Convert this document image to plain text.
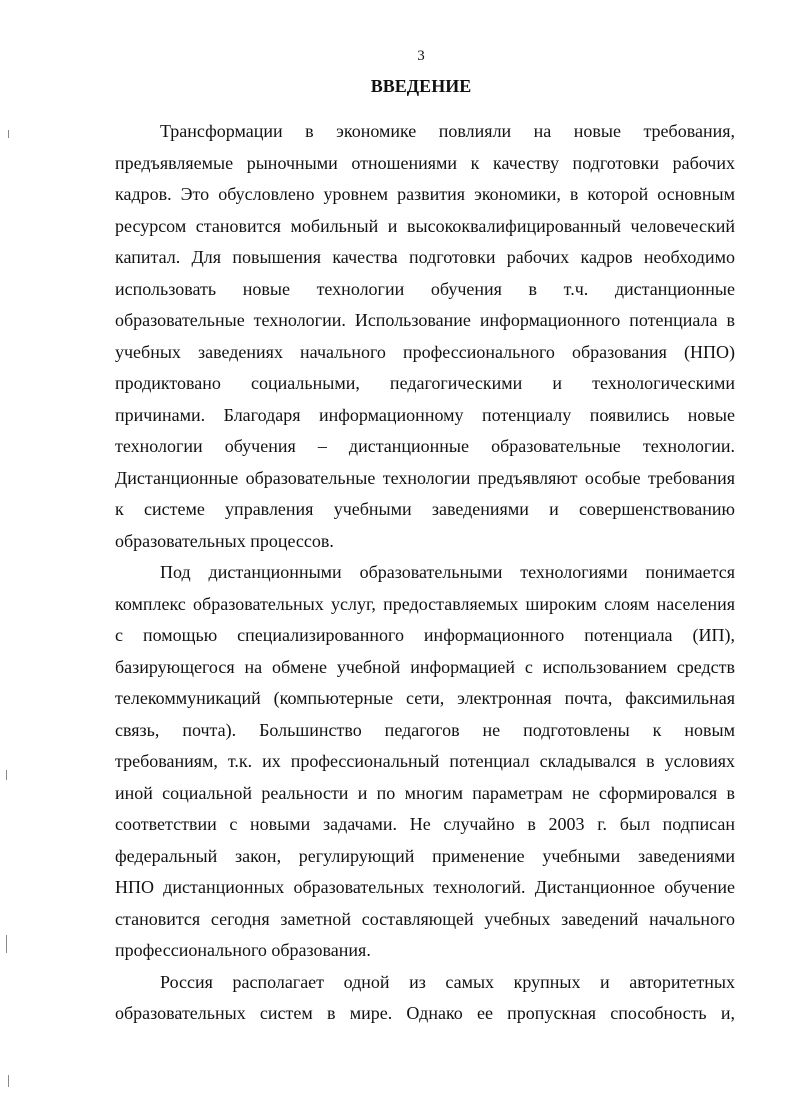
3
ВВЕДЕНИЕ
Трансформации в экономике повлияли на новые требования,
предъявляемые рыночными отношениями к качеству подготовки рабочих
кадров. Это обусловлено уровнем развития экономики, в которой основным
ресурсом становится мобильный и высококвалифицированный человеческий
капитал. Для повышения качества подготовки рабочих кадров необходимо
использовать новые технологии обучения в т.ч. дистанционные
образовательные технологии. Использование информационного потенциала в
учебных заведениях начального профессионального образования (НПО)
продиктовано социальными, педагогическими и технологическими
причинами. Благодаря информационному потенциалу появились новые
технологии обучения – дистанционные образовательные технологии.
Дистанционные образовательные технологии предъявляют особые требования
к системе управления учебными заведениями и совершенствованию
образовательных процессов.
Под дистанционными образовательными технологиями понимается
комплекс образовательных услуг, предоставляемых широким слоям населения
с помощью специализированного информационного потенциала (ИП),
базирующегося на обмене учебной информацией с использованием средств
телекоммуникаций (компьютерные сети, электронная почта, факсимильная
связь, почта). Большинство педагогов не подготовлены к новым
требованиям, т.к. их профессиональный потенциал складывался в условиях
иной социальной реальности и по многим параметрам не сформировался в
соответствии с новыми задачами. Не случайно в 2003 г. был подписан
федеральный закон, регулирующий применение учебными заведениями
НПО дистанционных образовательных технологий. Дистанционное обучение
становится сегодня заметной составляющей учебных заведений начального
профессионального образования.
Россия располагает одной из самых крупных и авторитетных
образовательных систем в мире. Однако ее пропускная способность и,
